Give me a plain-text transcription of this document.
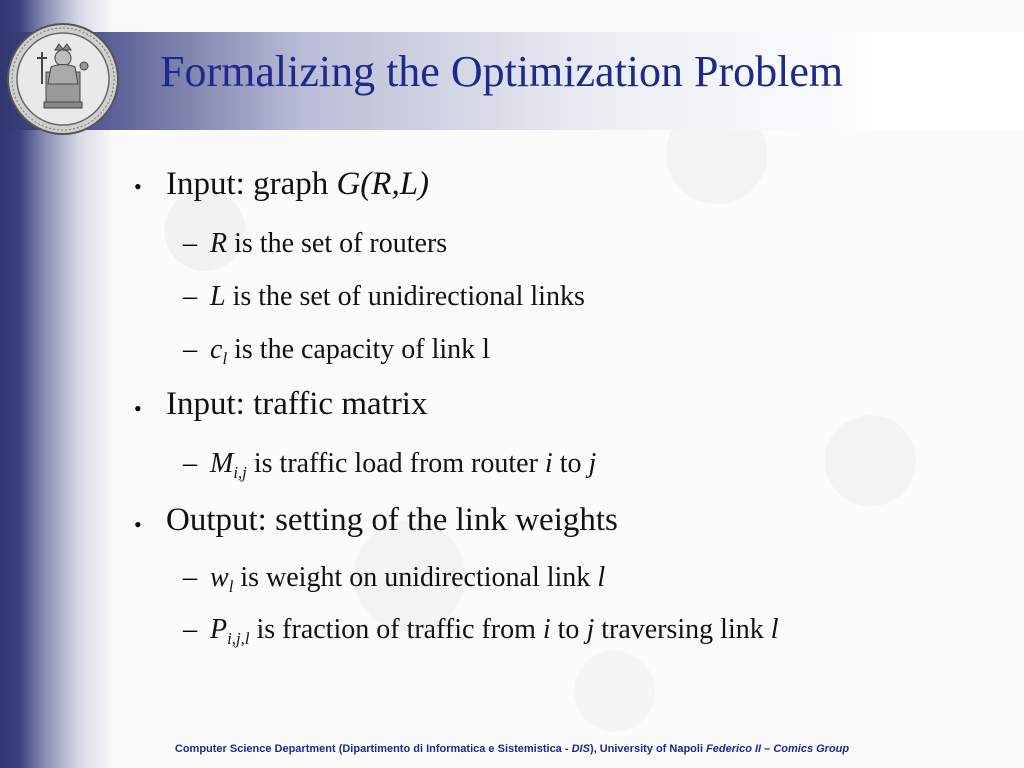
Formalizing the Optimization Problem
• Input: graph G(R,L)
– R is the set of routers
– L is the set of unidirectional links
– $c_l$ is the capacity of link l
• Input: traffic matrix
– $M_{i,j}$ is traffic load from router i to j
• Output: setting of the link weights
– $w_l$ is weight on unidirectional link l
– $P_{i,j,l}$ is fraction of traffic from i to j traversing link l
Computer Science Department (Dipartimento di Informatica e Sistemistica - DIS), University of Napoli Federico II – Comics Group
